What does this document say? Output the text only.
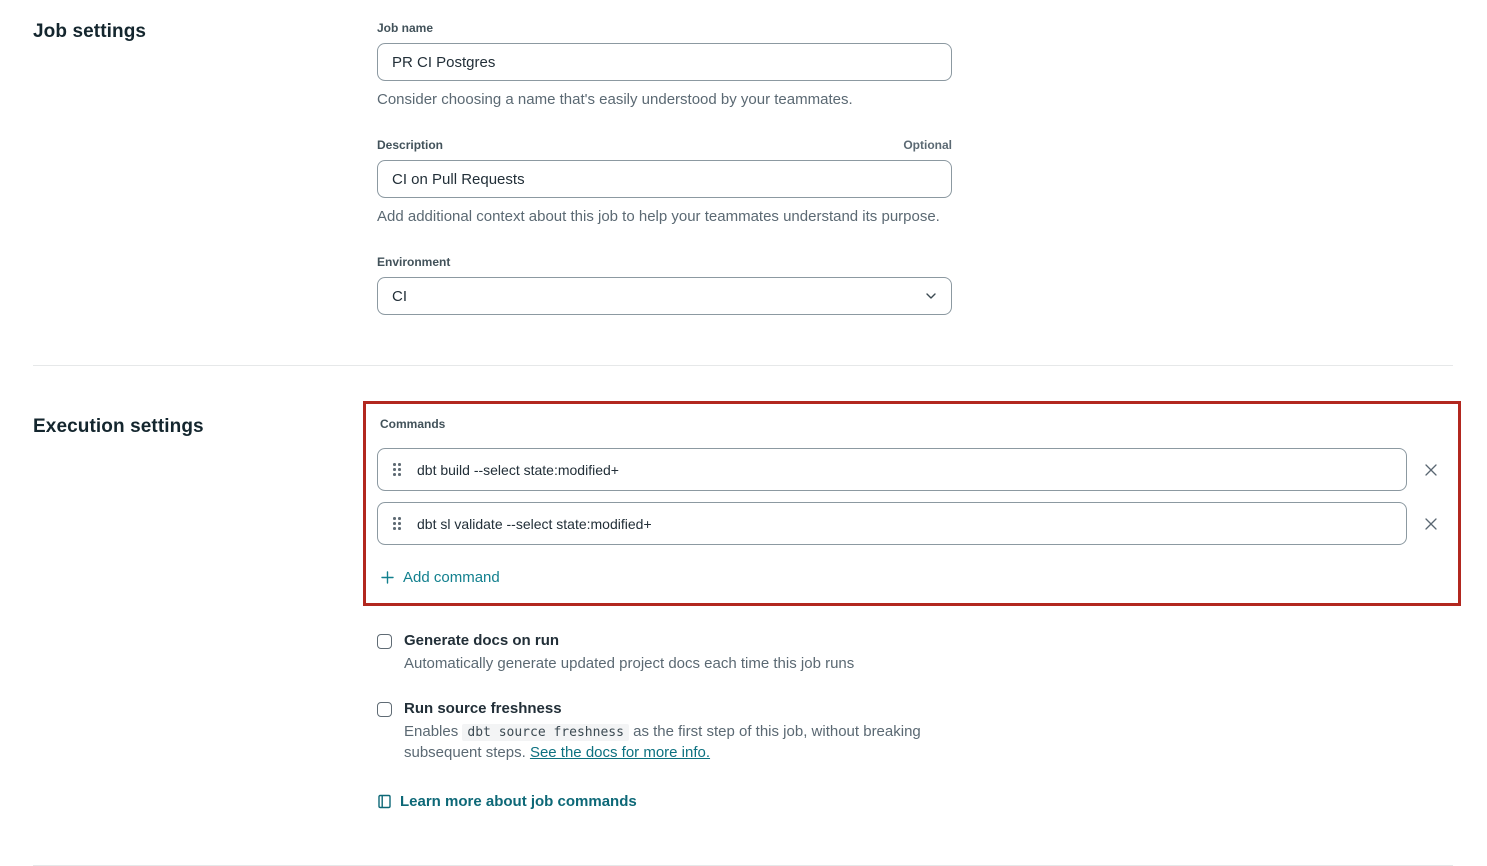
Job settings	Job name
PR CI Postgres
Consider choosing a name that's easily understood by your teammates.
Description	Optional
CI on Pull Requests
Add additional context about this job to help your teammates understand its purpose.
Environment
CI
Execution settings	Commands
dbt build --select state:modified+
dbt sl validate --select state:modified+
Add command
Generate docs on run
Automatically generate updated project docs each time this job runs
Run source freshness
Enables dbt source freshness as the first step of this job, without breaking subsequent steps. See the docs for more info.
Learn more about job commands
